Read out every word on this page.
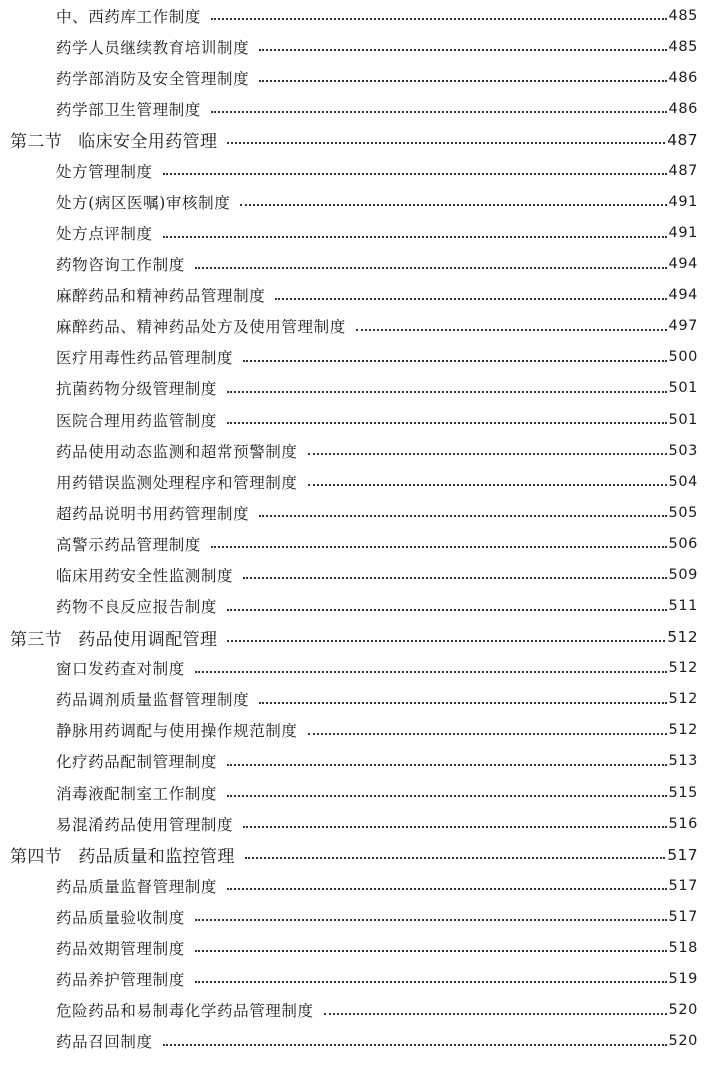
中、西药库工作制度	485
药学人员继续教育培训制度	485
药学部消防及安全管理制度	486
药学部卫生管理制度	486
第二节 临床安全用药管理	487
处方管理制度	487
处方(病区医嘱)审核制度	491
处方点评制度	491
药物咨询工作制度	494
麻醉药品和精神药品管理制度	494
麻醉药品、精神药品处方及使用管理制度	497
医疗用毒性药品管理制度	500
抗菌药物分级管理制度	501
医院合理用药监管制度	501
药品使用动态监测和超常预警制度	503
用药错误监测处理程序和管理制度	504
超药品说明书用药管理制度	505
高警示药品管理制度	506
临床用药安全性监测制度	509
药物不良反应报告制度	511
第三节 药品使用调配管理	512
窗口发药查对制度	512
药品调剂质量监督管理制度	512
静脉用药调配与使用操作规范制度	512
化疗药品配制管理制度	513
消毒液配制室工作制度	515
易混淆药品使用管理制度	516
第四节 药品质量和监控管理	517
药品质量监督管理制度	517
药品质量验收制度	517
药品效期管理制度	518
药品养护管理制度	519
危险药品和易制毒化学药品管理制度	520
药品召回制度	520
